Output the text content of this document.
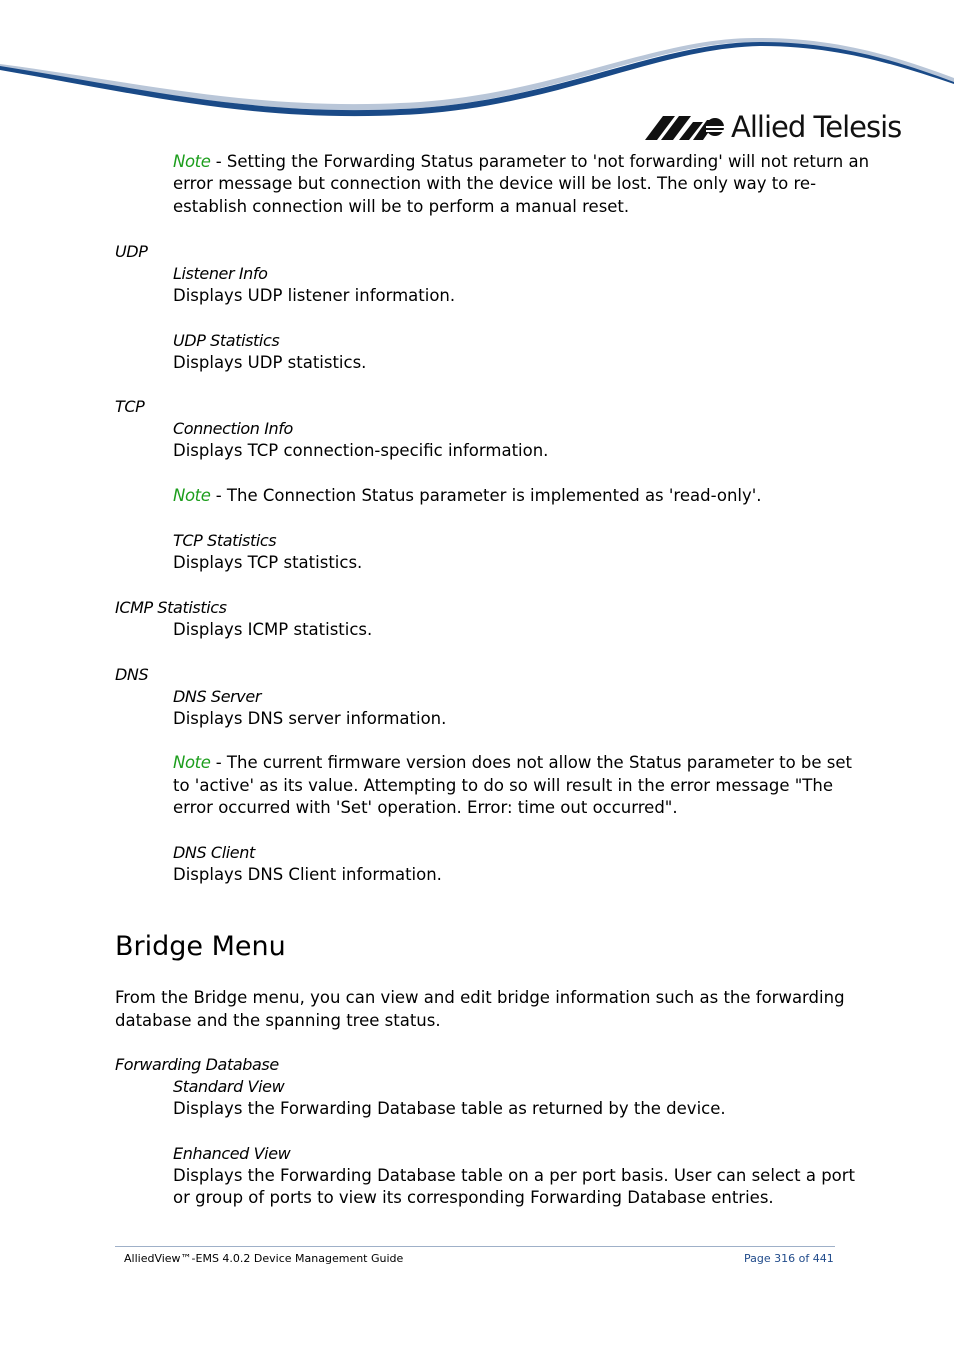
Allied Telesis
Note - Setting the Forwarding Status parameter to 'not forwarding' will not return an
error message but connection with the device will be lost. The only way to re-
establish connection will be to perform a manual reset.
UDP
Listener Info
Displays UDP listener information.
UDP Statistics
Displays UDP statistics.
TCP
Connection Info
Displays TCP connection-specific information.
Note - The Connection Status parameter is implemented as 'read-only'.
TCP Statistics
Displays TCP statistics.
ICMP Statistics
Displays ICMP statistics.
DNS
DNS Server
Displays DNS server information.
Note - The current firmware version does not allow the Status parameter to be set
to 'active' as its value. Attempting to do so will result in the error message "The
error occurred with 'Set' operation. Error: time out occurred".
DNS Client
Displays DNS Client information.
Bridge Menu
From the Bridge menu, you can view and edit bridge information such as the forwarding
database and the spanning tree status.
Forwarding Database
Standard View
Displays the Forwarding Database table as returned by the device.
Enhanced View
Displays the Forwarding Database table on a per port basis. User can select a port
or group of ports to view its corresponding Forwarding Database entries.
AlliedView™-EMS 4.0.2 Device Management Guide	Page 316 of 441
